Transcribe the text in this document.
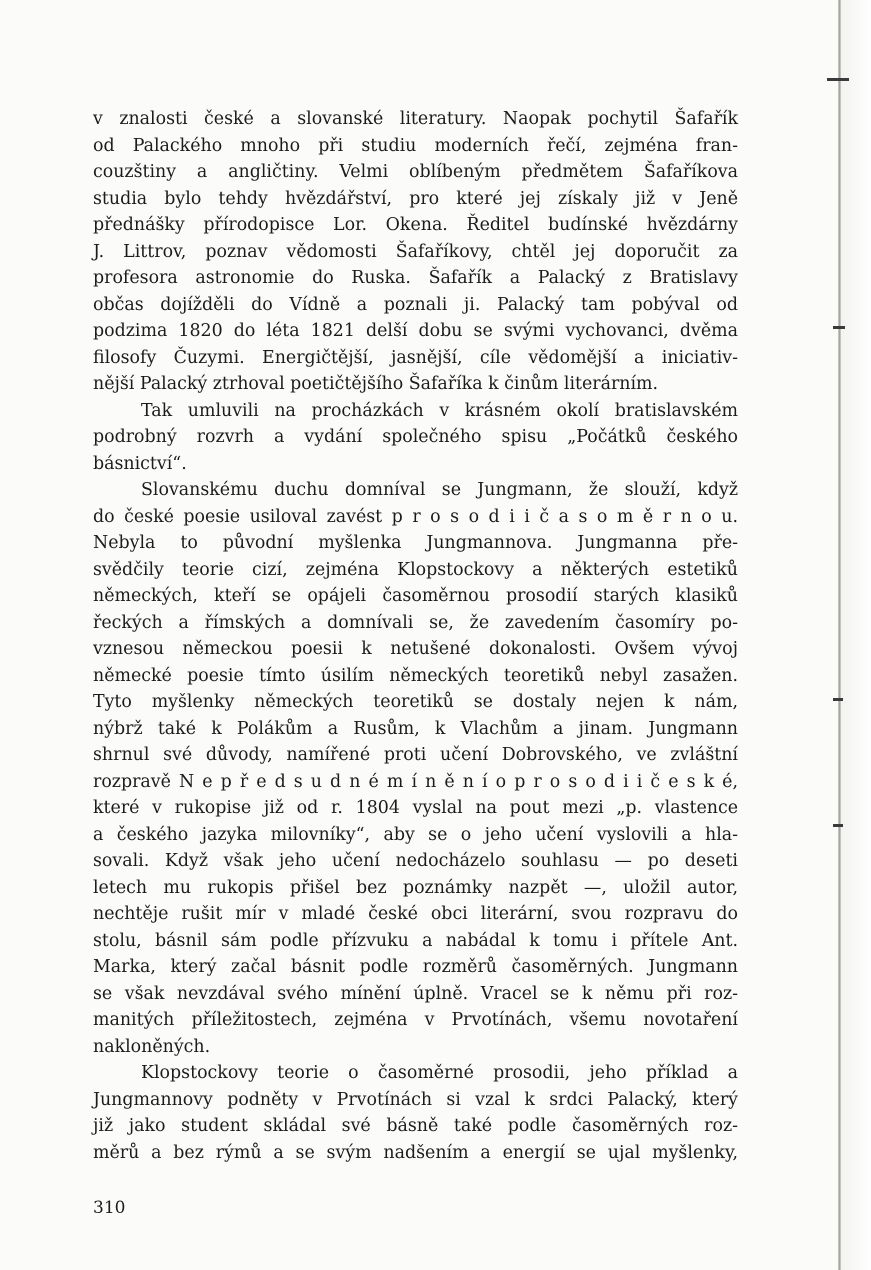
v znalosti české a slovanské literatury. Naopak pochytil Šafařík
od Palackého mnoho při studiu moderních řečí, zejména fran-
couzštiny a angličtiny. Velmi oblíbeným předmětem Šafaříkova
studia bylo tehdy hvězdářství, pro které jej získaly již v Jeně
přednášky přírodopisce Lor. Okena. Ředitel budínské hvězdárny
J. Littrov, poznav vědomosti Šafaříkovy, chtěl jej doporučit za
profesora astronomie do Ruska. Šafařík a Palacký z Bratislavy
občas dojížděli do Vídně a poznali ji. Palacký tam pobýval od
podzima 1820 do léta 1821 delší dobu se svými vychovanci, dvěma
filosofy Čuzymi. Energičtější, jasnější, cíle vědomější a iniciativ-
nější Palacký ztrhoval poetičtějšího Šafaříka k činům literárním.
Tak umluvili na procházkách v krásném okolí bratislavském
podrobný rozvrh a vydání společného spisu „Počátků českého
básnictví“.
Slovanskému duchu domníval se Jungmann, že slouží, když
do české poesie usiloval zavést p r o s o d i i č a s o m ě r n o u.
Nebyla to původní myšlenka Jungmannova. Jungmanna pře-
svědčily teorie cizí, zejména Klopstockovy a některých estetiků
německých, kteří se opájeli časoměrnou prosodií starých klasiků
řeckých a římských a domnívali se, že zavedením časomíry po-
vznesou německou poesii k netušené dokonalosti. Ovšem vývoj
německé poesie tímto úsilím německých teoretiků nebyl zasažen.
Tyto myšlenky německých teoretiků se dostaly nejen k nám,
nýbrž také k Polákům a Rusům, k Vlachům a jinam. Jungmann
shrnul své důvody, namířené proti učení Dobrovského, ve zvláštní
rozpravě N e p ř e d s u d n é m í n ě n í o p r o s o d i i č e s k é,
které v rukopise již od r. 1804 vyslal na pout mezi „p. vlastence
a českého jazyka milovníky“, aby se o jeho učení vyslovili a hla-
sovali. Když však jeho učení nedocházelo souhlasu — po deseti
letech mu rukopis přišel bez poznámky nazpět —, uložil autor,
nechtěje rušit mír v mladé české obci literární, svou rozpravu do
stolu, básnil sám podle přízvuku a nabádal k tomu i přítele Ant.
Marka, který začal básnit podle rozměrů časoměrných. Jungmann
se však nevzdával svého mínění úplně. Vracel se k němu při roz-
manitých příležitostech, zejména v Prvotínách, všemu novotaření
nakloněných.
Klopstockovy teorie o časoměrné prosodii, jeho příklad a
Jungmannovy podněty v Prvotínách si vzal k srdci Palacký, který
již jako student skládal své básně také podle časoměrných roz-
měrů a bez rýmů a se svým nadšením a energií se ujal myšlenky,
310
